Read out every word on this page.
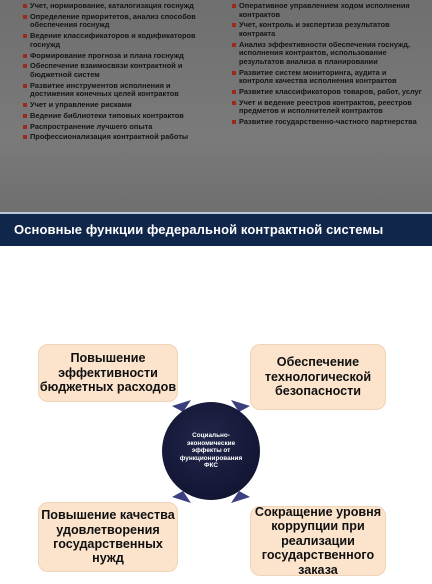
Учет, нормирование, каталогизация госнужд
Определение приоритетов, анализ способов обеспечения госнужд
Ведение классификаторов и кодификаторов госнужд
Формирование прогноза и плана госнужд
Обеспечение взаимосвязи контрактной и бюджетной систем
Развитие инструментов исполнения и достижения конечных целей контрактов
Учет и управление рисками
Ведение библиотеки типовых контрактов
Распространение лучшего опыта
Профессионализация контрактной работы
Оперативное управлением ходом исполнения контрактов
Учет, контроль и экспертиза результатов контракта
Анализ эффективности обеспечения госнужд, исполнения контрактов, использование результатов анализа в планировании
Развитие систем мониторинга, аудита и контроля качества исполнения контрактов
Развитие классификаторов товаров, работ, услуг
Учет и ведение реестров контрактов, реестров предметов и исполнителей контрактов
Развитие государственно-частного партнерства
Основные функции федеральной контрактной системы
Повышение эффективности бюджетных расходов
Обеспечение технологической безопасности
Повышение качества удовлетворения государственных нужд
Сокращение уровня коррупции при реализации государственного заказа
Социально-экономические эффекты от функционирования ФКС
